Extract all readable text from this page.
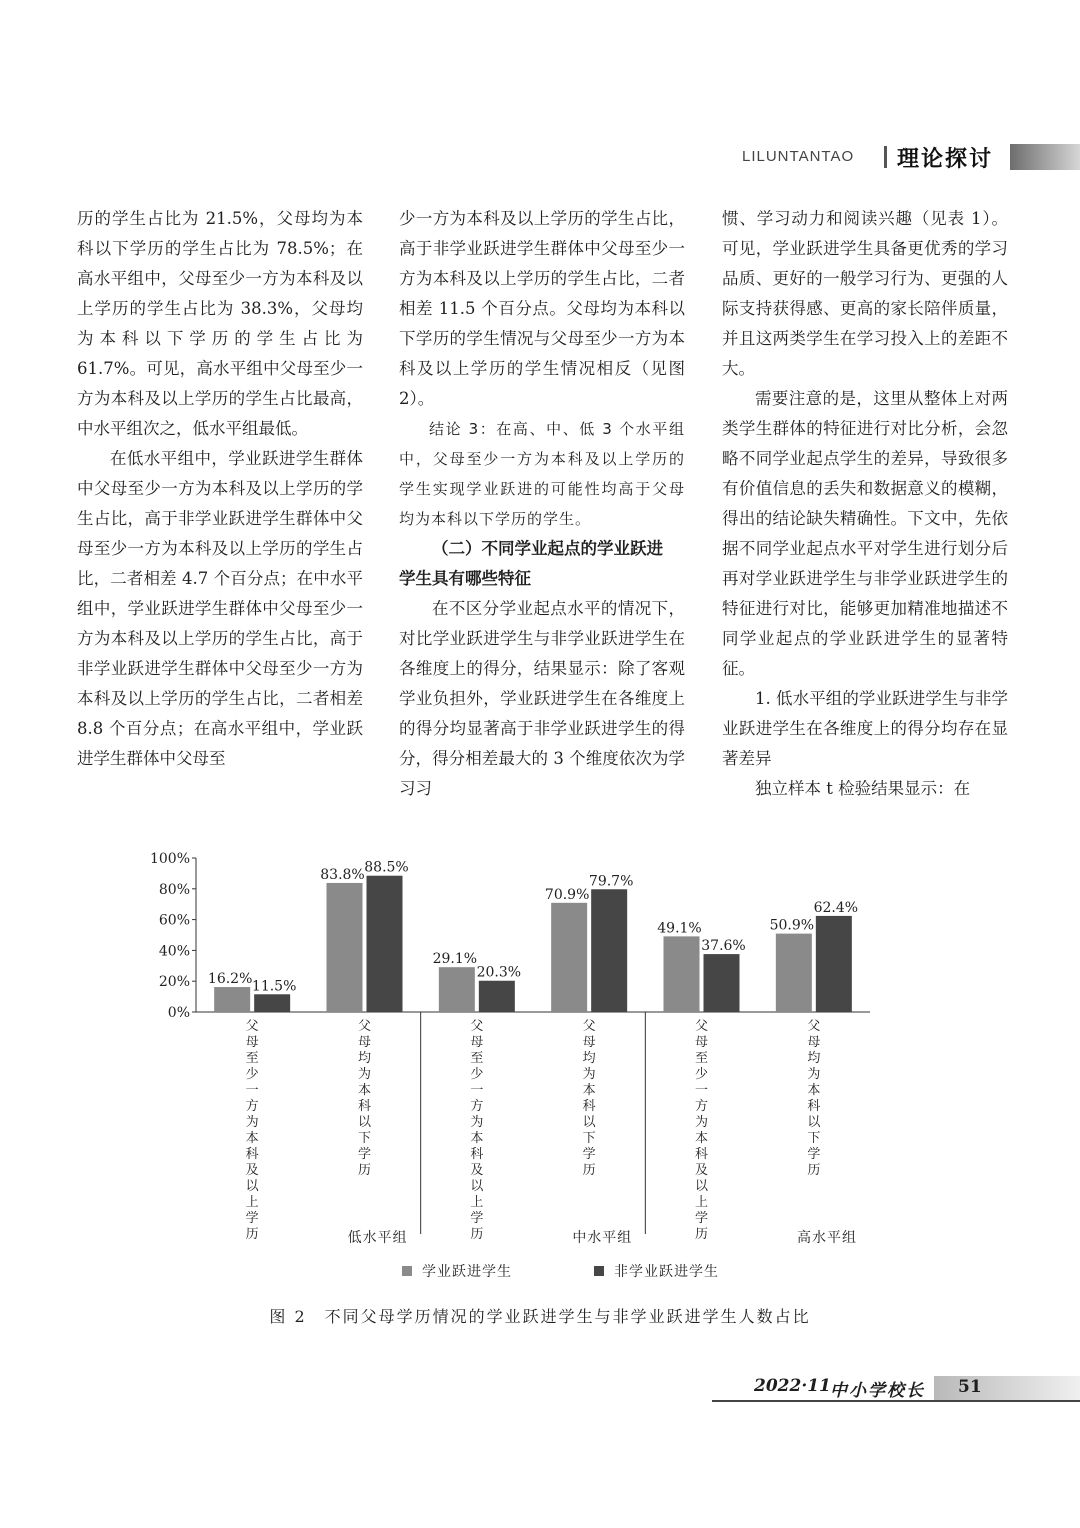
LILUNTANTAO 理论探讨

历的学生占比为 21.5%，父母均为本科以下学历的学生占比为 78.5%；在高水平组中，父母至少一方为本科及以上学历的学生占比为 38.3%，父母均为本科以下学历的学生占比为 61.7%。可见，高水平组中父母至少一方为本科及以上学历的学生占比最高，中水平组次之，低水平组最低。

在低水平组中，学业跃进学生群体中父母至少一方为本科及以上学历的学生占比，高于非学业跃进学生群体中父母至少一方为本科及以上学历的学生占比，二者相差 4.7 个百分点；在中水平组中，学业跃进学生群体中父母至少一方为本科及以上学历的学生占比，高于非学业跃进学生群体中父母至少一方为本科及以上学历的学生占比，二者相差 8.8 个百分点；在高水平组中，学业跃进学生群体中父母至

少一方为本科及以上学历的学生占比，高于非学业跃进学生群体中父母至少一方为本科及以上学历的学生占比，二者相差 11.5 个百分点。父母均为本科以下学历的学生情况与父母至少一方为本科及以上学历的学生情况相反（见图 2）。

结论 3：在高、中、低 3 个水平组中，父母至少一方为本科及以上学历的学生实现学业跃进的可能性均高于父母均为本科以下学历的学生。

（二）不同学业起点的学业跃进
学生具有哪些特征

在不区分学业起点水平的情况下，对比学业跃进学生与非学业跃进学生在各维度上的得分，结果显示：除了客观学业负担外，学业跃进学生在各维度上的得分均显著高于非学业跃进学生的得分，得分相差最大的 3 个维度依次为学习习

惯、学习动力和阅读兴趣（见表 1）。可见，学业跃进学生具备更优秀的学习品质、更好的一般学习行为、更强的人际支持获得感、更高的家长陪伴质量，并且这两类学生在学习投入上的差距不大。

需要注意的是，这里从整体上对两类学生群体的特征进行对比分析，会忽略不同学业起点学生的差异，导致很多有价值信息的丢失和数据意义的模糊，得出的结论缺失精确性。下文中，先依据不同学业起点水平对学生进行划分后再对学业跃进学生与非学业跃进学生的特征进行对比，能够更加精准地描述不同学业起点的学业跃进学生的显著特征。

1. 低水平组的学业跃进学生与非学业跃进学生在各维度上的得分均存在显著差异

独立样本 t 检验结果显示：在

0%
20%
40%
60%
80%
100%
16.2% 11.5%
父
母
至
少
一
方
为
本
科
及
以
上
学
历
83.8% 88.5%
父
母
均
为
本
科
以
下
学
历
29.1%
20.3%
父
母
至
少
一
方
为
本
科
及
以
上
学
历
70.9%
79.7%
父
母
均
为
本
科
以
下
学
历
49.1%
37.6%
父
母
至
少
一
方
为
本
科
及
以
上
学
历
50.9%
62.4%
父
母
均
为
本
科
以
下
学
历
低水平组	中水平组	高水平组
学业跃进学生	非学业跃进学生
图 2　不同父母学历情况的学业跃进学生与非学业跃进学生人数占比
2022·11 中小学校长 51
